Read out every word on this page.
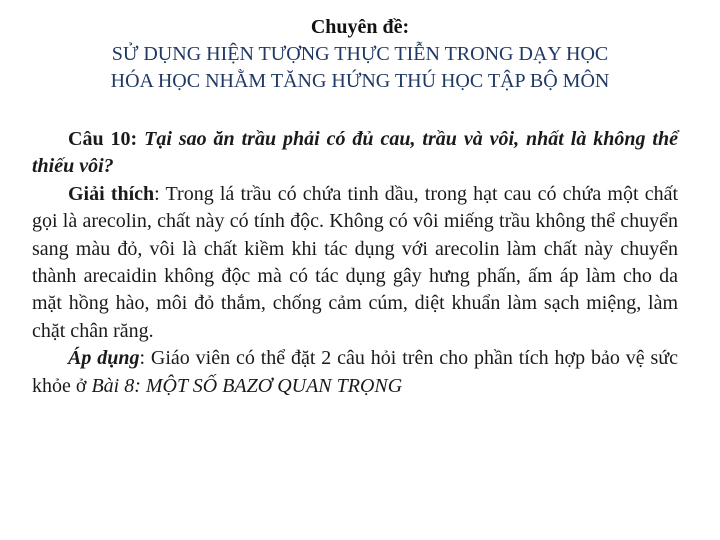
Chuyên đề:
SỬ DỤNG HIỆN TƯỢNG THỰC TIỄN TRONG DẠY HỌC
HÓA HỌC NHẰM TĂNG HỨNG THÚ HỌC TẬP BỘ MÔN

Câu 10: Tại sao ăn trầu phải có đủ cau, trầu và vôi, nhất là không thể thiếu vôi?

Giải thích: Trong lá trầu có chứa tinh dầu, trong hạt cau có chứa một chất gọi là arecolin, chất này có tính độc. Không có vôi miếng trầu không thể chuyển sang màu đỏ, vôi là chất kiềm khi tác dụng với arecolin làm chất này chuyển thành arecaidin không độc mà có tác dụng gây hưng phấn, ấm áp làm cho da mặt hồng hào, môi đỏ thắm, chống cảm cúm, diệt khuẩn làm sạch miệng, làm chặt chân răng.

Áp dụng: Giáo viên có thể đặt 2 câu hỏi trên cho phần tích hợp bảo vệ sức khỏe ở Bài 8: MỘT SỐ BAZƠ QUAN TRỌNG
